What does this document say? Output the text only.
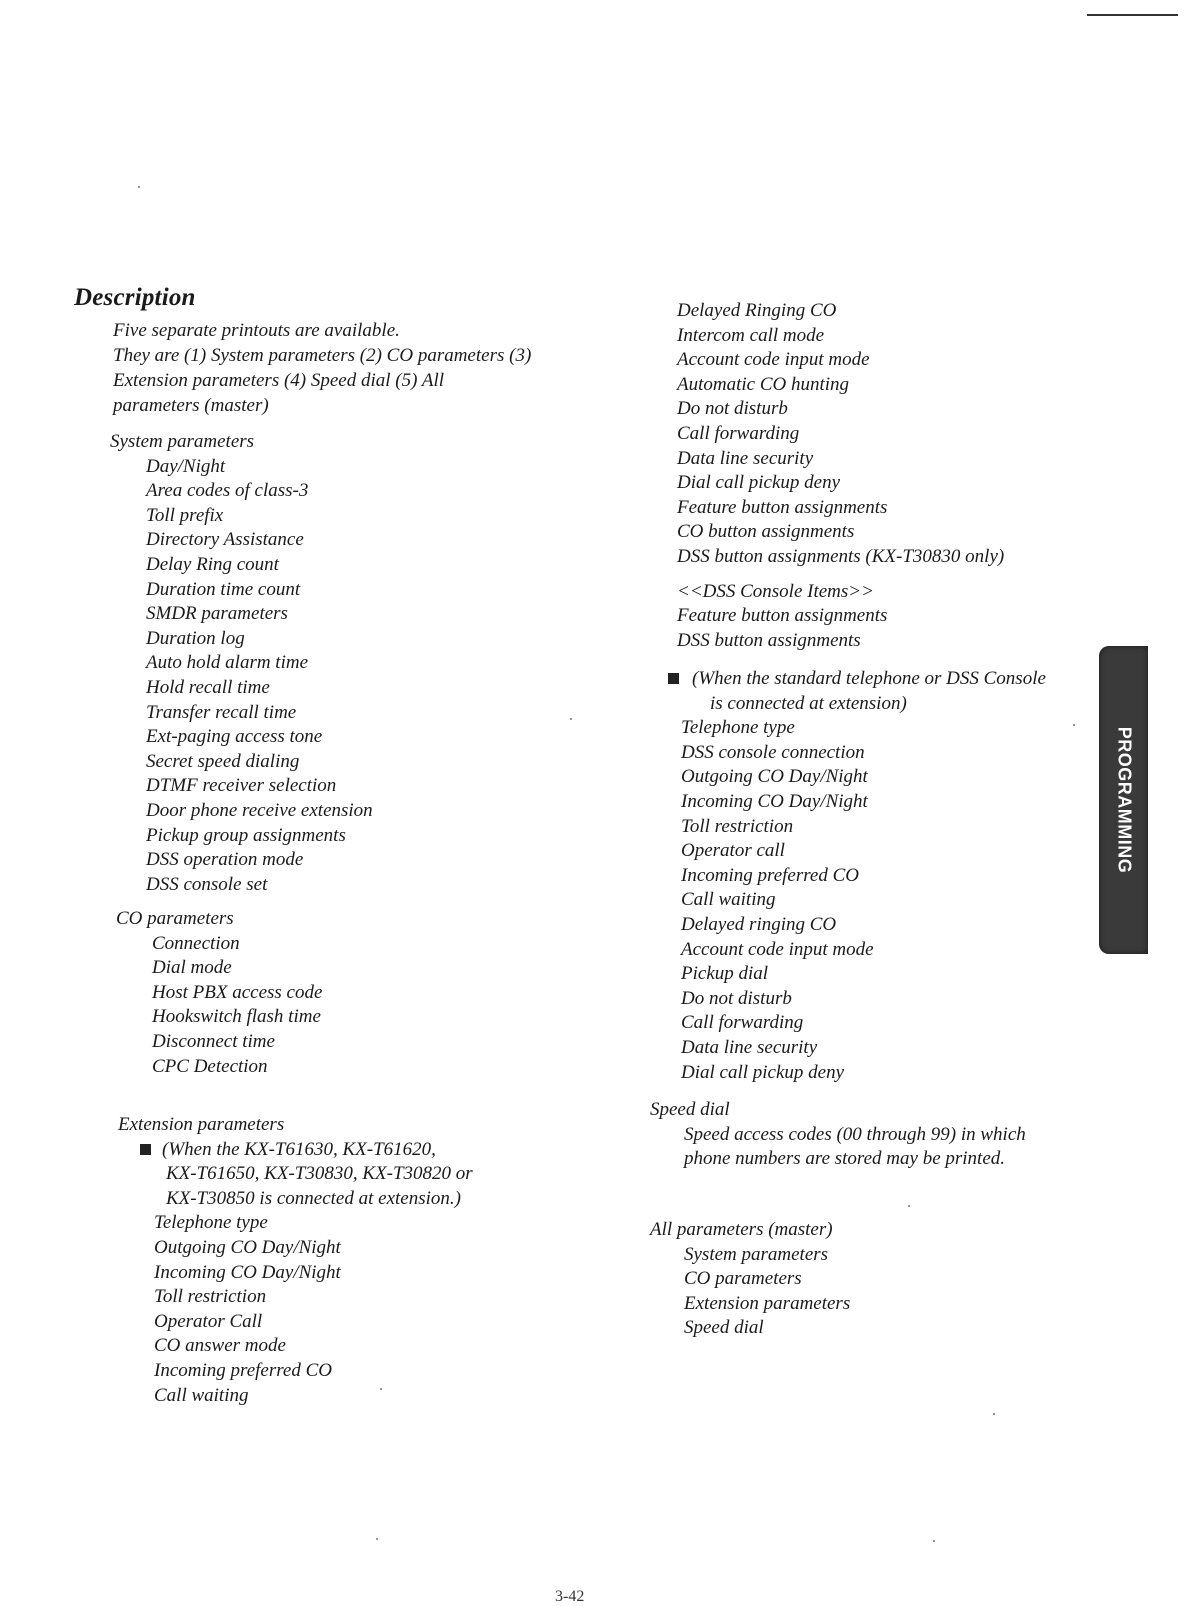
Description

Five separate printouts are available.

They are (1) System parameters (2) CO parameters (3) Extension parameters (4) Speed dial (5) All parameters (master)

System parameters
Day/Night
Area codes of class-3
Toll prefix
Directory Assistance
Delay Ring count
Duration time count
SMDR parameters
Duration log
Auto hold alarm time
Hold recall time
Transfer recall time
Ext-paging access tone
Secret speed dialing
DTMF receiver selection
Door phone receive extension
Pickup group assignments
DSS operation mode
DSS console set
CO parameters
Connection
Dial mode
Host PBX access code
Hookswitch flash time
Disconnect time
CPC Detection
Extension parameters
(When the KX-T61630, KX-T61620,
KX-T61650, KX-T30830, KX-T30820 or
KX-T30850 is connected at extension.)
Telephone type
Outgoing CO Day/Night
Incoming CO Day/Night
Toll restriction
Operator Call
CO answer mode
Incoming preferred CO
Call waiting
Delayed Ringing CO
Intercom call mode
Account code input mode
Automatic CO hunting
Do not disturb
Call forwarding
Data line security
Dial call pickup deny
Feature button assignments
CO button assignments
DSS button assignments (KX-T30830 only)
<<DSS Console Items>>
Feature button assignments
DSS button assignments
(When the standard telephone or DSS Console
is connected at extension)
Telephone type
DSS console connection
Outgoing CO Day/Night
Incoming CO Day/Night
Toll restriction
Operator call
Incoming preferred CO
Call waiting
Delayed ringing CO
Account code input mode
Pickup dial
Do not disturb
Call forwarding
Data line security
Dial call pickup deny
Speed dial
Speed access codes (00 through 99) in which phone numbers are stored may be printed.
All parameters (master)
System parameters
CO parameters
Extension parameters
Speed dial
PROGRAMMING
3-42
